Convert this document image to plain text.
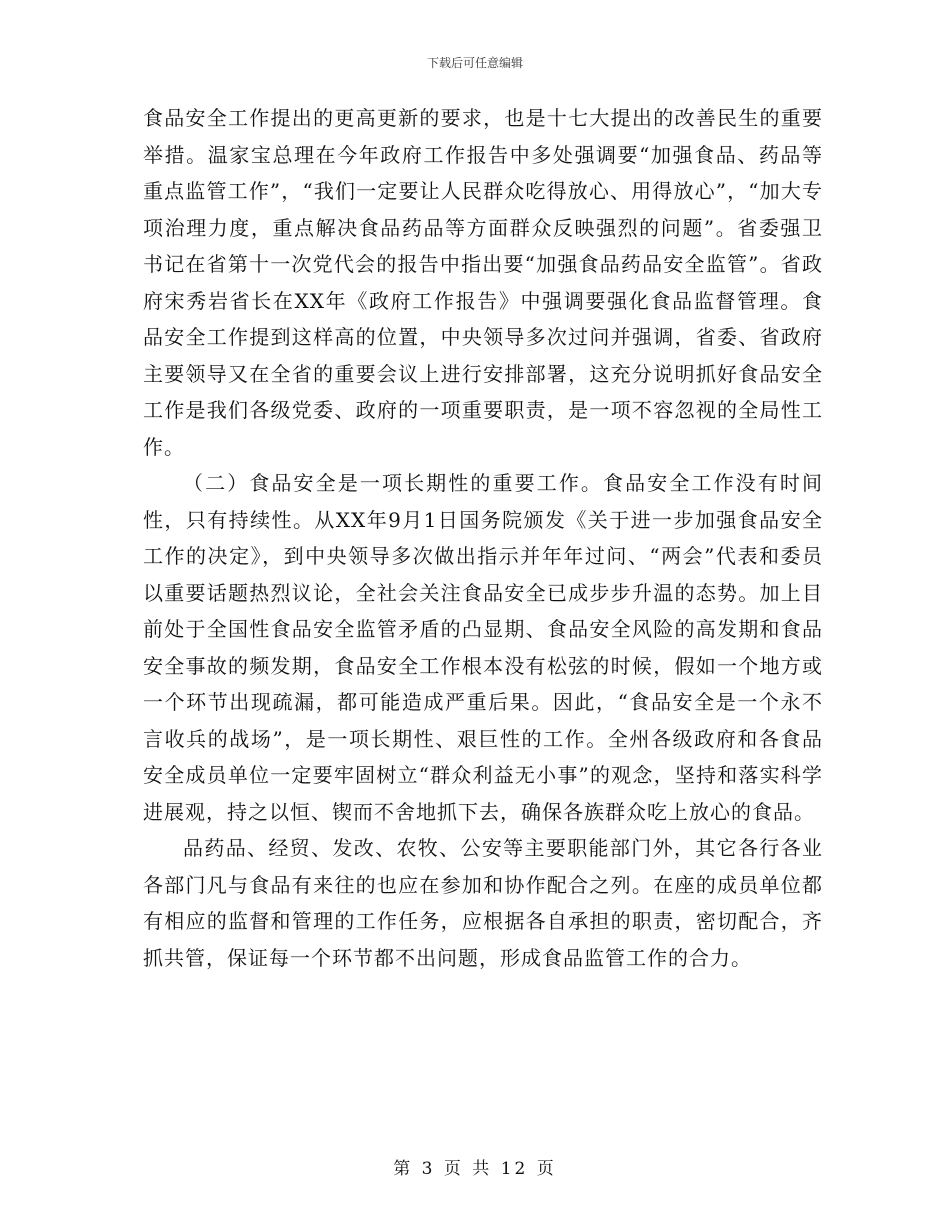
下载后可任意编辑

食品安全工作提出的更高更新的要求，也是十七大提出的改善民生的重要举措。温家宝总理在今年政府工作报告中多处强调要“加强食品、药品等重点监管工作”，“我们一定要让人民群众吃得放心、用得放心”，“加大专项治理力度，重点解决食品药品等方面群众反映强烈的问题”。省委强卫书记在省第十一次党代会的报告中指出要“加强食品药品安全监管”。省政府宋秀岩省长在XX年《政府工作报告》中强调要强化食品监督管理。食品安全工作提到这样高的位置，中央领导多次过问并强调，省委、省政府主要领导又在全省的重要会议上进行安排部署，这充分说明抓好食品安全工作是我们各级党委、政府的一项重要职责，是一项不容忽视的全局性工作。

（二）食品安全是一项长期性的重要工作。食品安全工作没有时间性，只有持续性。从XX年9月1日国务院颁发《关于进一步加强食品安全工作的决定》，到中央领导多次做出指示并年年过问、“两会”代表和委员以重要话题热烈议论，全社会关注食品安全已成步步升温的态势。加上目前处于全国性食品安全监管矛盾的凸显期、食品安全风险的高发期和食品安全事故的频发期，食品安全工作根本没有松弦的时候，假如一个地方或一个环节出现疏漏，都可能造成严重后果。因此，“食品安全是一个永不言收兵的战场”，是一项长期性、艰巨性的工作。全州各级政府和各食品安全成员单位一定要牢固树立“群众利益无小事”的观念，坚持和落实科学进展观，持之以恒、锲而不舍地抓下去，确保各族群众吃上放心的食品。

品药品、经贸、发改、农牧、公安等主要职能部门外，其它各行各业各部门凡与食品有来往的也应在参加和协作配合之列。在座的成员单位都有相应的监督和管理的工作任务，应根据各自承担的职责，密切配合，齐抓共管，保证每一个环节都不出问题，形成食品监管工作的合力。

第 3 页 共 12 页
